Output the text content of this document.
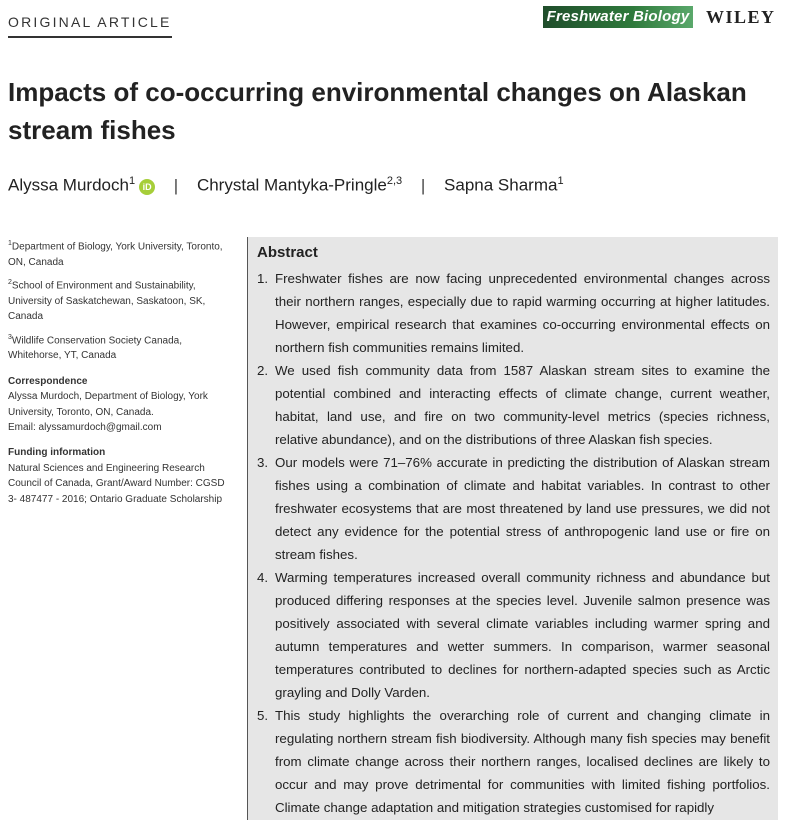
ORIGINAL ARTICLE	Freshwater Biology WILEY
Impacts of co-occurring environmental changes on Alaskan stream fishes
Alyssa Murdoch$^1$ iD | Chrystal Mantyka-Pringle$^{2,3}$ | Sapna Sharma$^1$

$^1$Department of Biology, York University, Toronto, ON, Canada

$^2$School of Environment and Sustainability, University of Saskatchewan, Saskatoon, SK, Canada

$^3$Wildlife Conservation Society Canada, Whitehorse, YT, Canada

Correspondence

Alyssa Murdoch, Department of Biology, York University, Toronto, ON, Canada.

Email: alyssamurdoch@gmail.com

Funding information

Natural Sciences and Engineering Research Council of Canada, Grant/Award Number: CGSD 3- 487477 - 2016; Ontario Graduate Scholarship

Abstract
1. Freshwater fishes are now facing unprecedented environmental changes across their northern ranges, especially due to rapid warming occurring at higher latitudes. However, empirical research that examines co-occurring environmental effects on northern fish communities remains limited.
2. We used fish community data from 1587 Alaskan stream sites to examine the potential combined and interacting effects of climate change, current weather, habitat, land use, and fire on two community-level metrics (species richness, relative abundance), and on the distributions of three Alaskan fish species.
3. Our models were 71–76% accurate in predicting the distribution of Alaskan stream fishes using a combination of climate and habitat variables. In contrast to other freshwater ecosystems that are most threatened by land use pressures, we did not detect any evidence for the potential stress of anthropogenic land use or fire on stream fishes.
4. Warming temperatures increased overall community richness and abundance but produced differing responses at the species level. Juvenile salmon presence was positively associated with several climate variables including warmer spring and autumn temperatures and wetter summers. In comparison, warmer seasonal temperatures contributed to declines for northern-adapted species such as Arctic grayling and Dolly Varden.
5. This study highlights the overarching role of current and changing climate in regulating northern stream fish biodiversity. Although many fish species may benefit from climate change across their northern ranges, localised declines are likely to occur and may prove detrimental for communities with limited fishing portfolios. Climate change adaptation and mitigation strategies customised for rapidly
